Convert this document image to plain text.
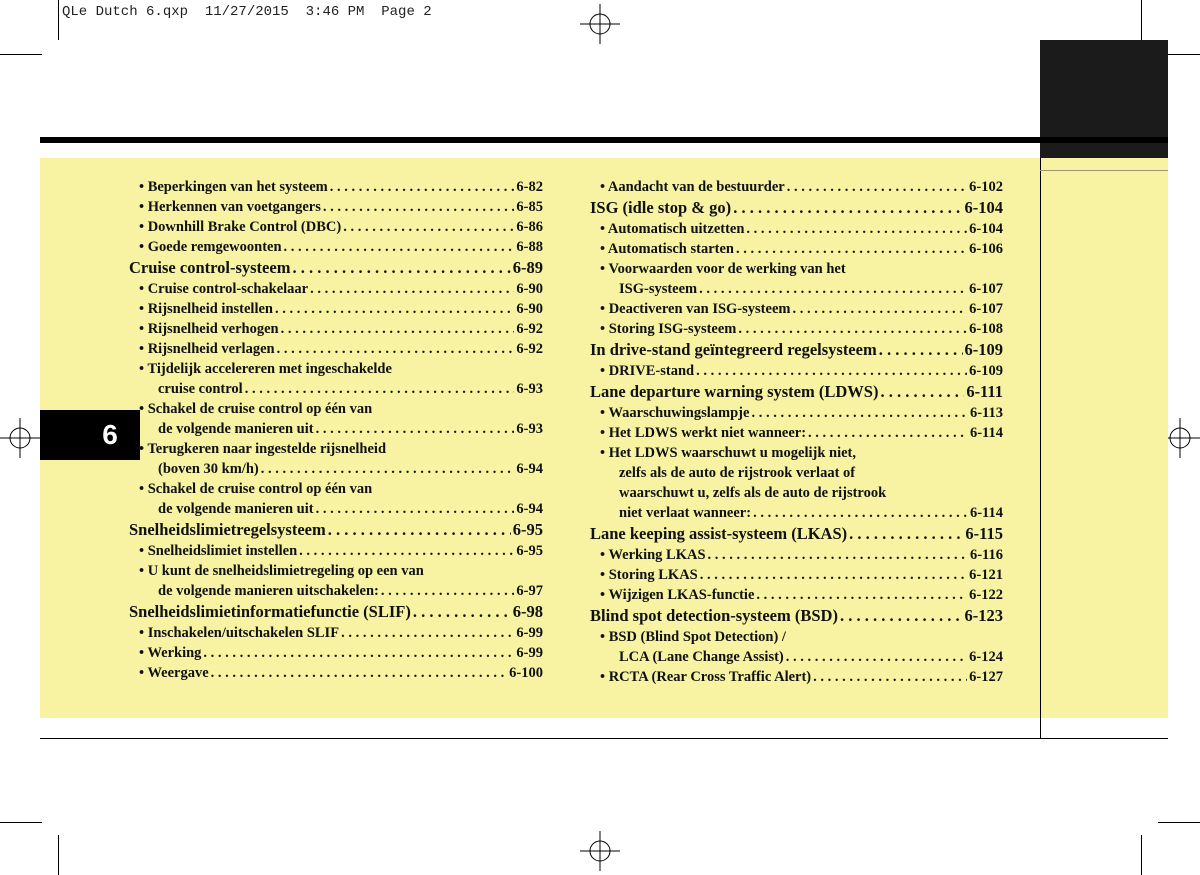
QLe Dutch 6.qxp  11/27/2015  3:46 PM  Page 2
6
• Beperkingen van het systeem . . .	6-82
• Herkennen van voetgangers . . .	6-85
• Downhill Brake Control (DBC) . . .	6-86
• Goede remgewoonten . . .	6-88
Cruise control-systeem . . .	6-89
• Cruise control-schakelaar . . .	6-90
• Rijsnelheid instellen . . .	6-90
• Rijsnelheid verhogen . . .	6-92
• Rijsnelheid verlagen . . .	6-92
• Tijdelijk accelereren met ingeschakelde
cruise control . . .	6-93
• Schakel de cruise control op één van
de volgende manieren uit . . .	6-93
• Terugkeren naar ingestelde rijsnelheid
(boven 30 km/h) . . .	6-94
• Schakel de cruise control op één van
de volgende manieren uit . . .	6-94
Snelheidslimietregelsysteem . . .	6-95
• Snelheidslimiet instellen . . .	6-95
• U kunt de snelheidslimietregeling op een van
de volgende manieren uitschakelen: . . .	6-97
Snelheidslimietinformatiefunctie (SLIF) . . .	6-98
• Inschakelen/uitschakelen SLIF . . .	6-99
• Werking . . .	6-99
• Weergave . . .	6-100
• Aandacht van de bestuurder . . .	6-102
ISG (idle stop & go) . . .	6-104
• Automatisch uitzetten . . .	6-104
• Automatisch starten . . .	6-106
• Voorwaarden voor de werking van het
ISG-systeem . . .	6-107
• Deactiveren van ISG-systeem . . .	6-107
• Storing ISG-systeem . . .	6-108
In drive-stand geïntegreerd regelsysteem . . .	6-109
• DRIVE-stand . . .	6-109
Lane departure warning system (LDWS) . . .	6-111
• Waarschuwingslampje . . .	6-113
• Het LDWS werkt niet wanneer: . . .	6-114
• Het LDWS waarschuwt u mogelijk niet,
zelfs als de auto de rijstrook verlaat of
waarschuwt u, zelfs als de auto de rijstrook
niet verlaat wanneer: . . .	6-114
Lane keeping assist-systeem (LKAS) . . .	6-115
• Werking LKAS . . .	6-116
• Storing LKAS . . .	6-121
• Wijzigen LKAS-functie . . .	6-122
Blind spot detection-systeem (BSD) . . .	6-123
• BSD (Blind Spot Detection) /
LCA (Lane Change Assist) . . .	6-124
• RCTA (Rear Cross Traffic Alert) . . .	6-127
